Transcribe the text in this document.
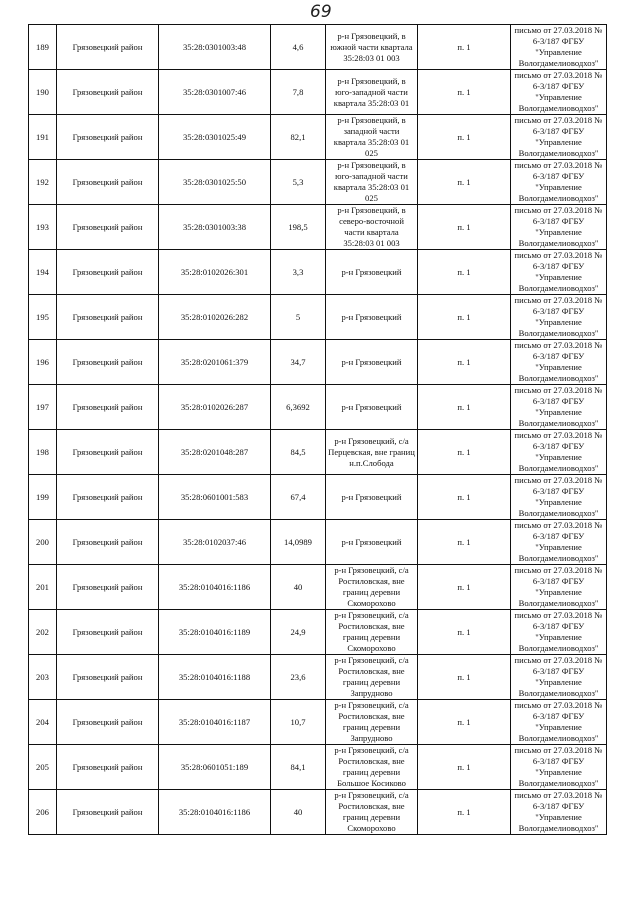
69
189	Грязовецкий район	35:28:0301003:48	4,6	р-н Грязовецкий, в южной части квартала 35:28:03 01 003	п. 1	письмо от 27.03.2018 № 6-3/187 ФГБУ "Управление Вологдамелиоводхоз"
190	Грязовецкий район	35:28:0301007:46	7,8	р-н Грязовецкий, в юго-западной части квартала 35:28:03 01	п. 1	письмо от 27.03.2018 № 6-3/187 ФГБУ "Управление Вологдамелиоводхоз"
191	Грязовецкий район	35:28:0301025:49	82,1	р-н Грязовецкий, в западной части квартала 35:28:03 01 025	п. 1	письмо от 27.03.2018 № 6-3/187 ФГБУ "Управление Вологдамелиоводхоз"
192	Грязовецкий район	35:28:0301025:50	5,3	р-н Грязовецкий, в юго-западной части квартала 35:28:03 01 025	п. 1	письмо от 27.03.2018 № 6-3/187 ФГБУ "Управление Вологдамелиоводхоз"
193	Грязовецкий район	35:28:0301003:38	198,5	р-н Грязовецкий, в северо-восточной части квартала 35:28:03 01 003	п. 1	письмо от 27.03.2018 № 6-3/187 ФГБУ "Управление Вологдамелиоводхоз"
194	Грязовецкий район	35:28:0102026:301	3,3	р-н Грязовецкий	п. 1	письмо от 27.03.2018 № 6-3/187 ФГБУ "Управление Вологдамелиоводхоз"
195	Грязовецкий район	35:28:0102026:282	5	р-н Грязовецкий	п. 1	письмо от 27.03.2018 № 6-3/187 ФГБУ "Управление Вологдамелиоводхоз"
196	Грязовецкий район	35:28:0201061:379	34,7	р-н Грязовецкий	п. 1	письмо от 27.03.2018 № 6-3/187 ФГБУ "Управление Вологдамелиоводхоз"
197	Грязовецкий район	35:28:0102026:287	6,3692	р-н Грязовецкий	п. 1	письмо от 27.03.2018 № 6-3/187 ФГБУ "Управление Вологдамелиоводхоз"
198	Грязовецкий район	35:28:0201048:287	84,5	р-н Грязовецкий, с/а Перцевская, вне границ н.п.Слобода	п. 1	письмо от 27.03.2018 № 6-3/187 ФГБУ "Управление Вологдамелиоводхоз"
199	Грязовецкий район	35:28:0601001:583	67,4	р-н Грязовецкий	п. 1	письмо от 27.03.2018 № 6-3/187 ФГБУ "Управление Вологдамелиоводхоз"
200	Грязовецкий район	35:28:0102037:46	14,0989	р-н Грязовецкий	п. 1	письмо от 27.03.2018 № 6-3/187 ФГБУ "Управление Вологдамелиоводхоз"
201	Грязовецкий район	35:28:0104016:1186	40	р-н Грязовецкий, с/а Ростиловская, вне границ деревни Скоморохово	п. 1	письмо от 27.03.2018 № 6-3/187 ФГБУ "Управление Вологдамелиоводхоз"
202	Грязовецкий район	35:28:0104016:1189	24,9	р-н Грязовецкий, с/а Ростиловская, вне границ деревни Скоморохово	п. 1	письмо от 27.03.2018 № 6-3/187 ФГБУ "Управление Вологдамелиоводхоз"
203	Грязовецкий район	35:28:0104016:1188	23,6	р-н Грязовецкий, с/а Ростиловская, вне границ деревни Запрудново	п. 1	письмо от 27.03.2018 № 6-3/187 ФГБУ "Управление Вологдамелиоводхоз"
204	Грязовецкий район	35:28:0104016:1187	10,7	р-н Грязовецкий, с/а Ростиловская, вне границ деревни Запрудново	п. 1	письмо от 27.03.2018 № 6-3/187 ФГБУ "Управление Вологдамелиоводхоз"
205	Грязовецкий район	35:28:0601051:189	84,1	р-н Грязовецкий, с/а Ростиловская, вне границ деревни Большое Косиково	п. 1	письмо от 27.03.2018 № 6-3/187 ФГБУ "Управление Вологдамелиоводхоз"
206	Грязовецкий район	35:28:0104016:1186	40	р-н Грязовецкий, с/а Ростиловская, вне границ деревни Скоморохово	п. 1	письмо от 27.03.2018 № 6-3/187 ФГБУ "Управление Вологдамелиоводхоз"
